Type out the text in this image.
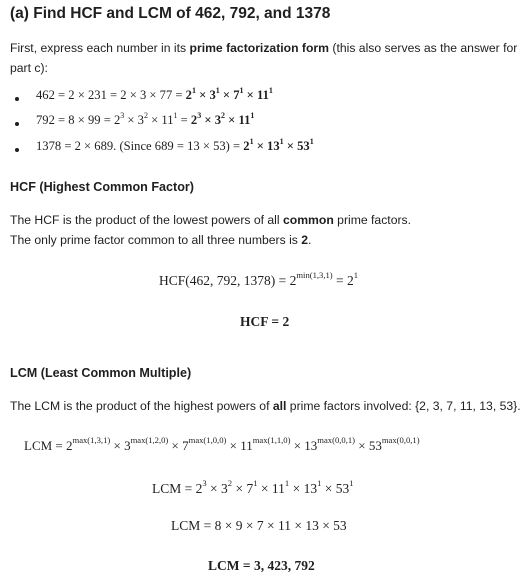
(a) Find HCF and LCM of 462, 792, and 1378
First, express each number in its prime factorization form (this also serves as the answer for
part c):
$462 = 2 \times 231 = 2 \times 3 \times 77 = 2^1 \times 3^1 \times 7^1 \times 11^1$
$792 = 8 \times 99 = 2^3 \times 3^2 \times 11^1 = 2^3 \times 3^2 \times 11^1$
1378 = 2 × 689. (Since $689 = 13 \times 53) = 2^1 \times 13^1 \times 53^1$
HCF (Highest Common Factor)
The HCF is the product of the lowest powers of all common prime factors.
The only prime factor common to all three numbers is 2.
HCF(462, 792, $1378) = 2^{min(1,3,1)} = 2^1$
HCF = 2
LCM (Least Common Multiple)
The LCM is the product of the highest powers of all prime factors involved: {2, 3, 7, 11, 13, 53}.
LCM = $2^{max(1,3,1)} \times 3^{max(1,2,0)} \times 7^{max(1,0,0)} \times 11^{max(1,1,0)} \times 13^{max(0,0,1)} \times 53^{max(0,0,1)}$
LCM = $2^3 \times 3^2 \times 7^1 \times 11^1 \times 13^1 \times 53^1$
LCM = 8 × 9 × 7 × 11 × 13 × 53
LCM = 3, 423, 792
